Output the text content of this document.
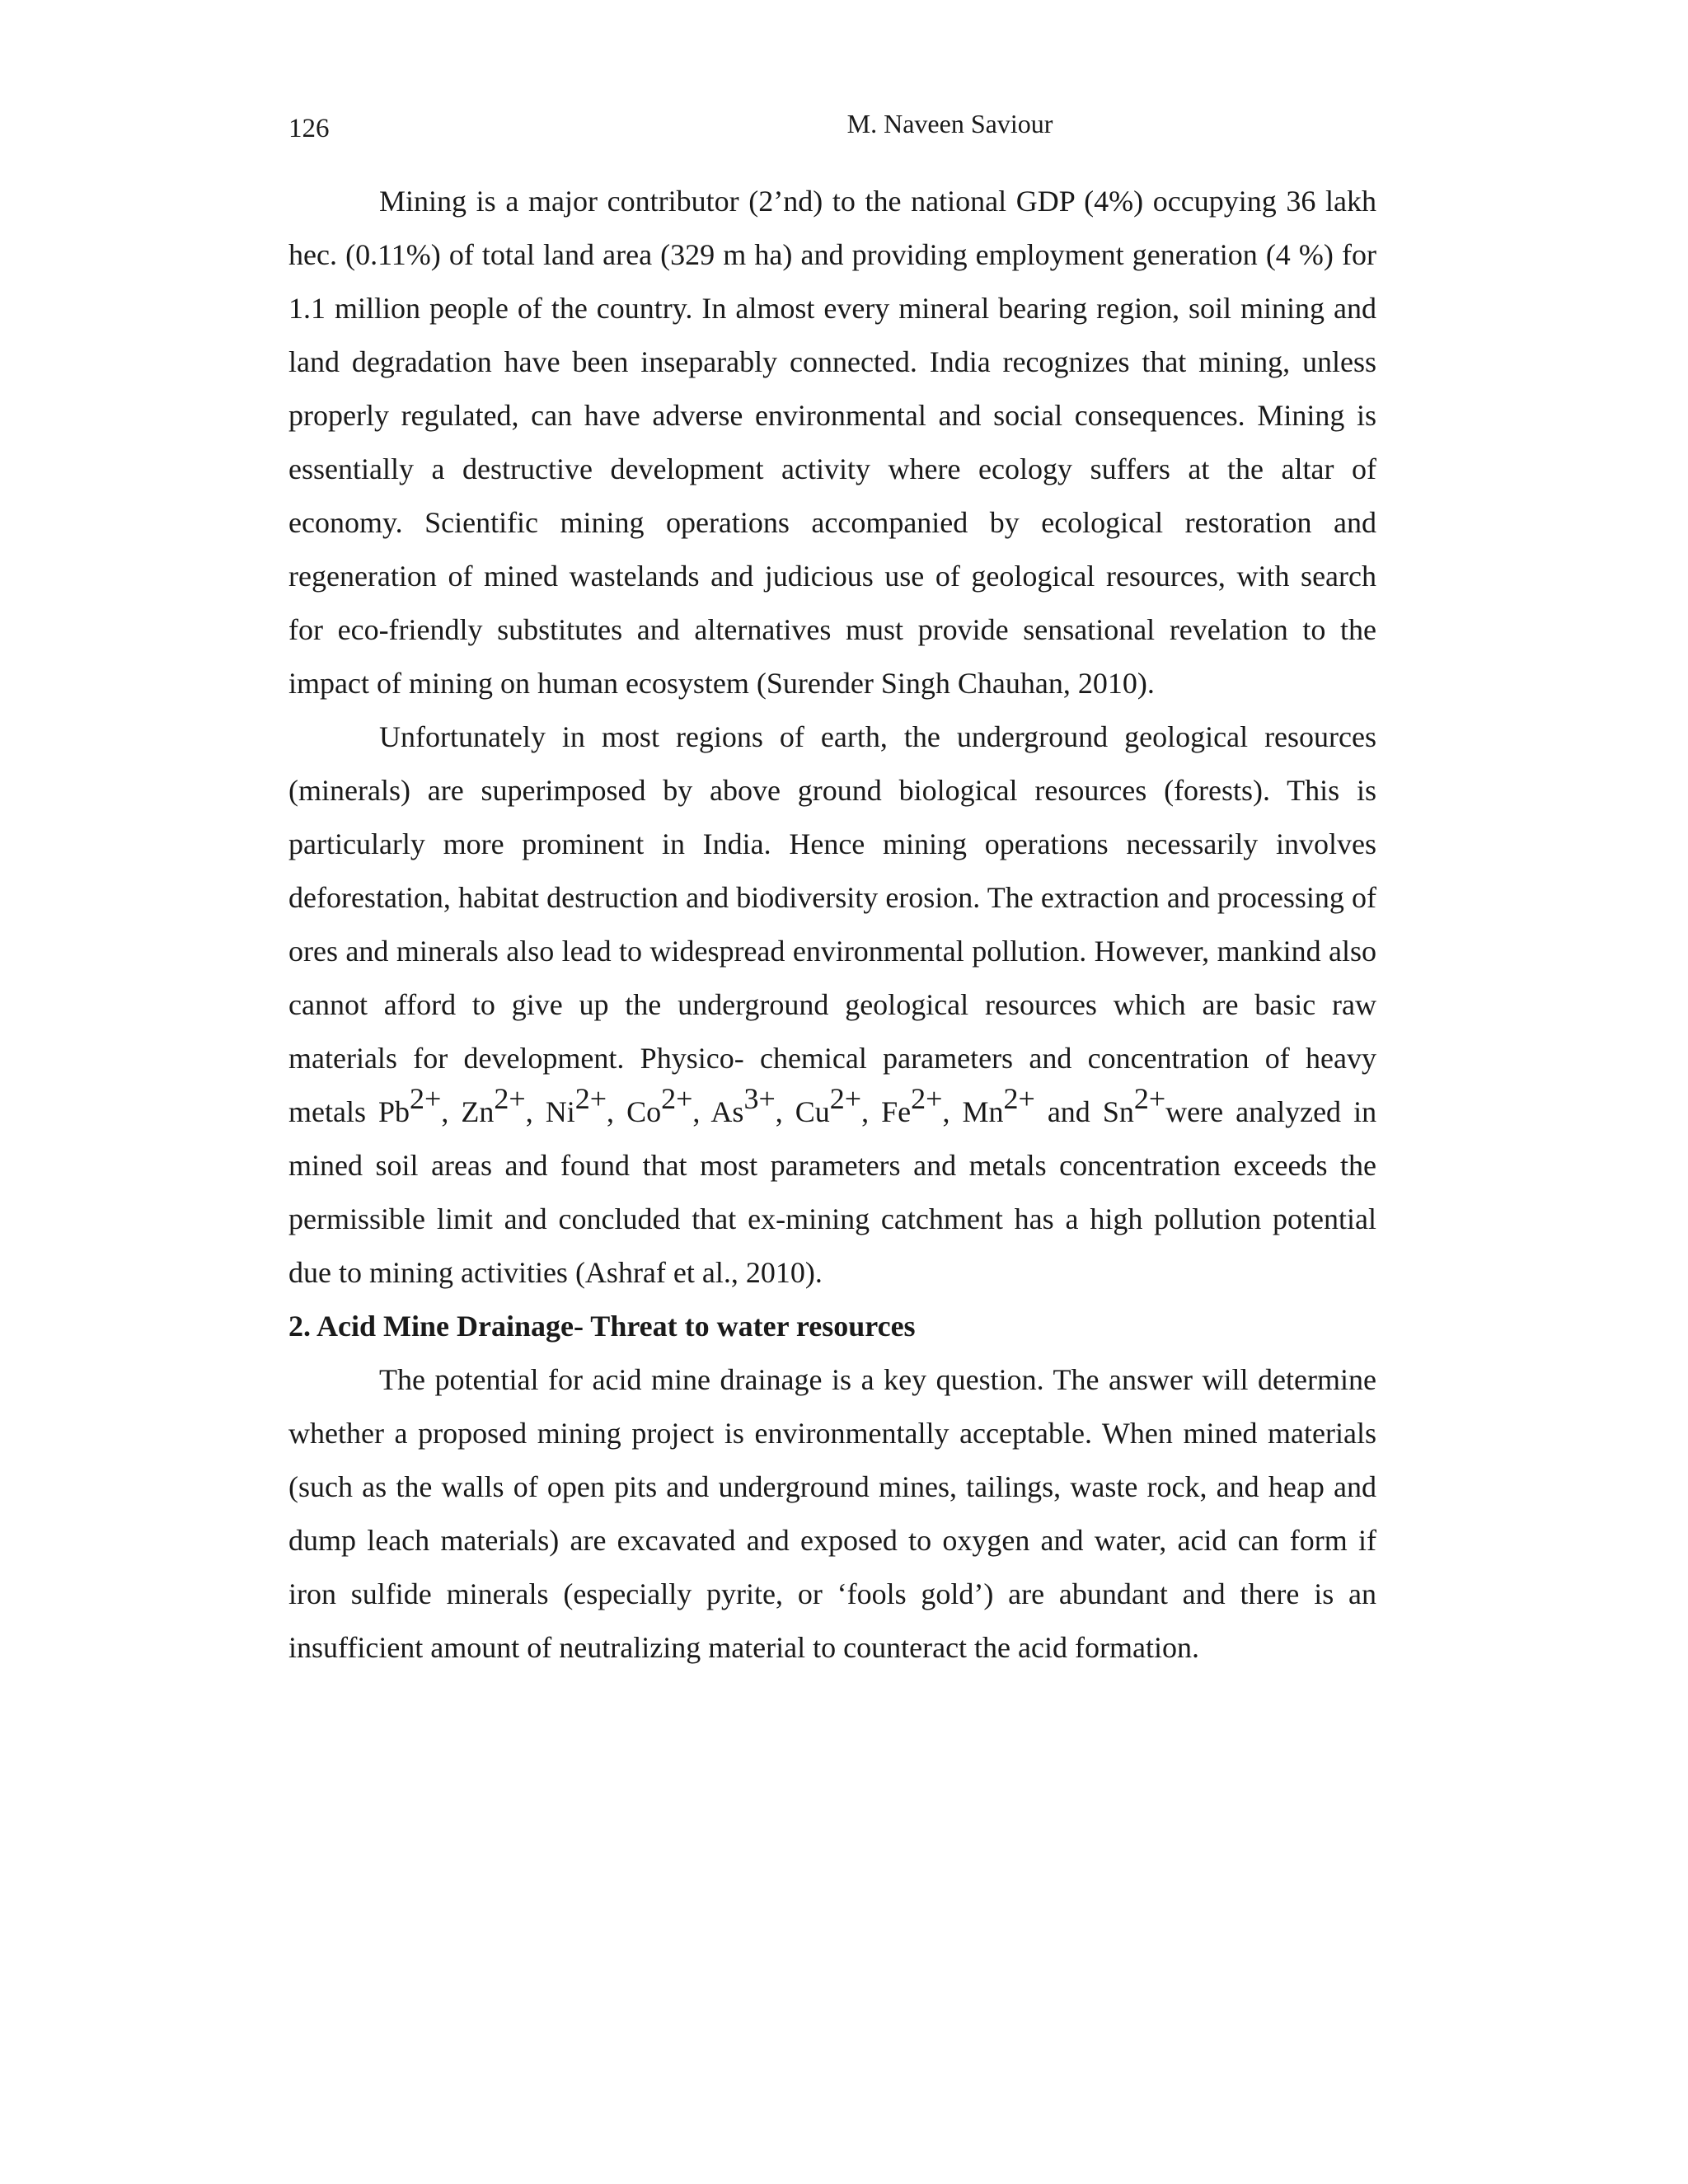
126	M. Naveen Saviour

Mining is a major contributor (2’nd) to the national GDP (4%) occupying 36 lakh hec. (0.11%) of total land area (329 m ha) and providing employment generation (4 %) for 1.1 million people of the country. In almost every mineral bearing region, soil mining and land degradation have been inseparably connected. India recognizes that mining, unless properly regulated, can have adverse environmental and social consequences. Mining is essentially a destructive development activity where ecology suffers at the altar of economy. Scientific mining operations accompanied by ecological restoration and regeneration of mined wastelands and judicious use of geological resources, with search for eco-friendly substitutes and alternatives must provide sensational revelation to the impact of mining on human ecosystem (Surender Singh Chauhan, 2010).

Unfortunately in most regions of earth, the underground geological resources (minerals) are superimposed by above ground biological resources (forests). This is particularly more prominent in India. Hence mining operations necessarily involves deforestation, habitat destruction and biodiversity erosion. The extraction and processing of ores and minerals also lead to widespread environmental pollution. However, mankind also cannot afford to give up the underground geological resources which are basic raw materials for development. Physico- chemical parameters and concentration of heavy metals $Pb^{2+}$, $Zn^{2+}$, $Ni^{2+}$, $Co^{2+}$, $As^{3+}$, $Cu^{2+}$, $Fe^{2+}$, $Mn^{2+}$ and $Sn^{2+}were$ analyzed in mined soil areas and found that most parameters and metals concentration exceeds the permissible limit and concluded that ex-mining catchment has a high pollution potential due to mining activities (Ashraf et al., 2010).

2. Acid Mine Drainage- Threat to water resources

The potential for acid mine drainage is a key question. The answer will determine whether a proposed mining project is environmentally acceptable. When mined materials (such as the walls of open pits and underground mines, tailings, waste rock, and heap and dump leach materials) are excavated and exposed to oxygen and water, acid can form if iron sulfide minerals (especially pyrite, or ‘fools gold’) are abundant and there is an insufficient amount of neutralizing material to counteract the acid formation.
